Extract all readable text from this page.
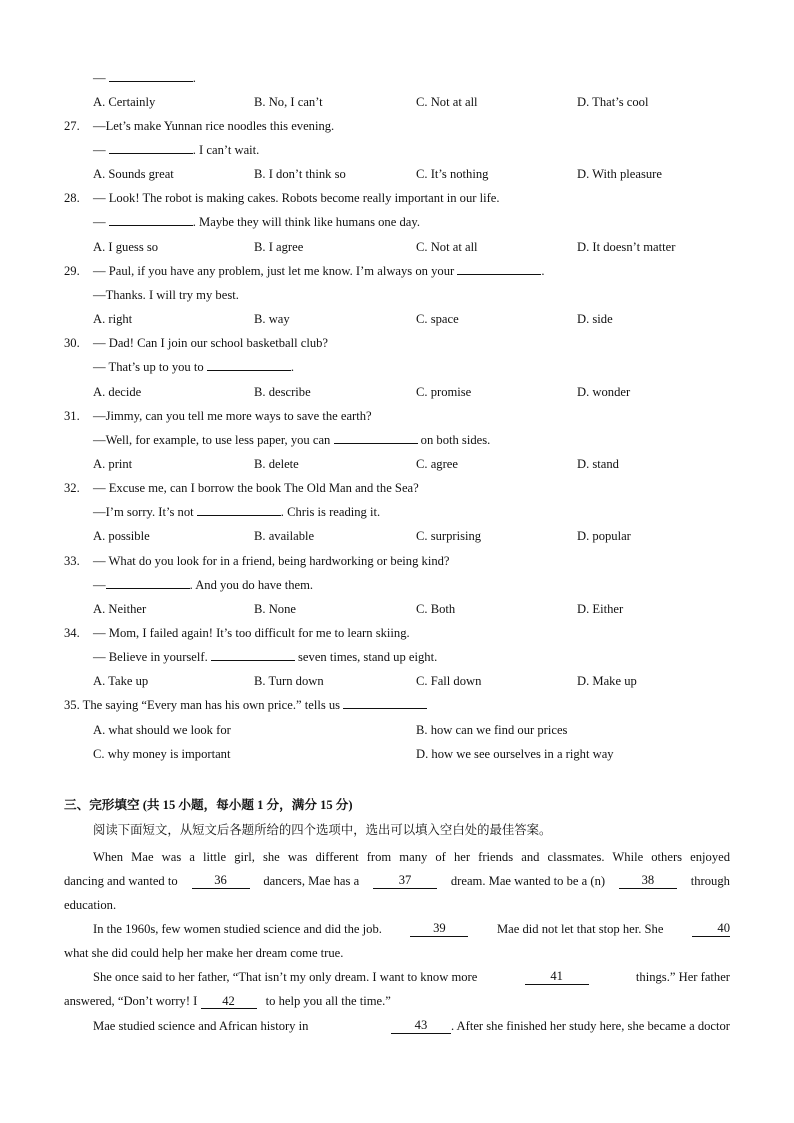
—	.
A. Certainly	B. No, I can’t	C. Not at all	D. That’s cool
27. —Let’s make Yunnan rice noodles this evening.
—	. I can’t wait.
A. Sounds great	B. I don’t think so	C. It’s nothing	D. With pleasure
28. — Look! The robot is making cakes. Robots become really important in our life.
—	. Maybe they will think like humans one day.
A. I guess so	B. I agree	C. Not at all	D. It doesn’t matter
29. — Paul, if you have any problem, just let me know. I’m always on your	.
—Thanks. I will try my best.
A. right	B. way	C. space	D. side
30. — Dad! Can I join our school basketball club?
— That’s up to you to	.
A. decide	B. describe	C. promise	D. wonder
31. —Jimmy, can you tell me more ways to save the earth?
—Well, for example, to use less paper, you can	on both sides.
A. print	B. delete	C. agree	D. stand
32. — Excuse me, can I borrow the book The Old Man and the Sea?
—I’m sorry. It’s not	. Chris is reading it.
A. possible	B. available	C. surprising	D. popular
33. — What do you look for in a friend, being hardworking or being kind?
—	. And you do have them.
A. Neither	B. None	C. Both	D. Either
34. — Mom, I failed again! It’s too difficult for me to learn skiing.
— Believe in yourself.	seven times, stand up eight.
A. Take up	B. Turn down	C. Fall down	D. Make up
35. The saying “Every man has his own price.” tells us
A. what should we look for	B. how can we find our prices
C. why money is important	D. how we see ourselves in a right way
三、完形填空 (共 15 小题，每小题 1 分，满分 15 分)
阅读下面短文，从短文后各题所给的四个选项中，选出可以填入空白处的最佳答案。
When Mae was a little girl, she was different from many of her friends and classmates. While others enjoyed
dancing and wanted to	36	dancers, Mae has a	37	dream. Mae wanted to be a (n)	38	through
education.
In the 1960s, few women studied science and did the job.	39	Mae did not let that stop her. She	40
what she did could help her make her dream come true.
She once said to her father, “That isn’t my only dream. I want to know more	41	things.” Her father
answered, “Don’t worry! I 42 to help you all the time.”
Mae studied science and African history in	43	. After she finished her study here, she became a doctor
